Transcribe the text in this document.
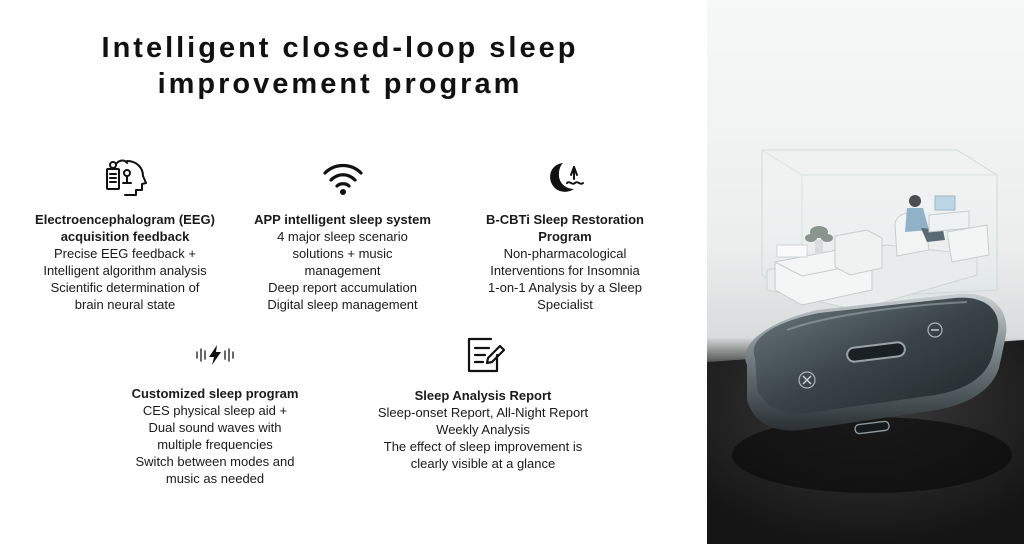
Intelligent closed-loop sleep
improvement program
Electroencephalogram (EEG)
acquisition feedback
Precise EEG feedback +
Intelligent algorithm analysis
Scientific determination of
brain neural state
APP intelligent sleep system
4 major sleep scenario
solutions + music
management
Deep report accumulation
Digital sleep management
B-CBTi Sleep Restoration
Program
Non-pharmacological
Interventions for Insomnia
1-on-1 Analysis by a Sleep
Specialist
Customized sleep program
CES physical sleep aid +
Dual sound waves with
multiple frequencies
Switch between modes and
music as needed
Sleep Analysis Report
Sleep-onset Report, All-Night Report
Weekly Analysis
The effect of sleep improvement is
clearly visible at a glance
